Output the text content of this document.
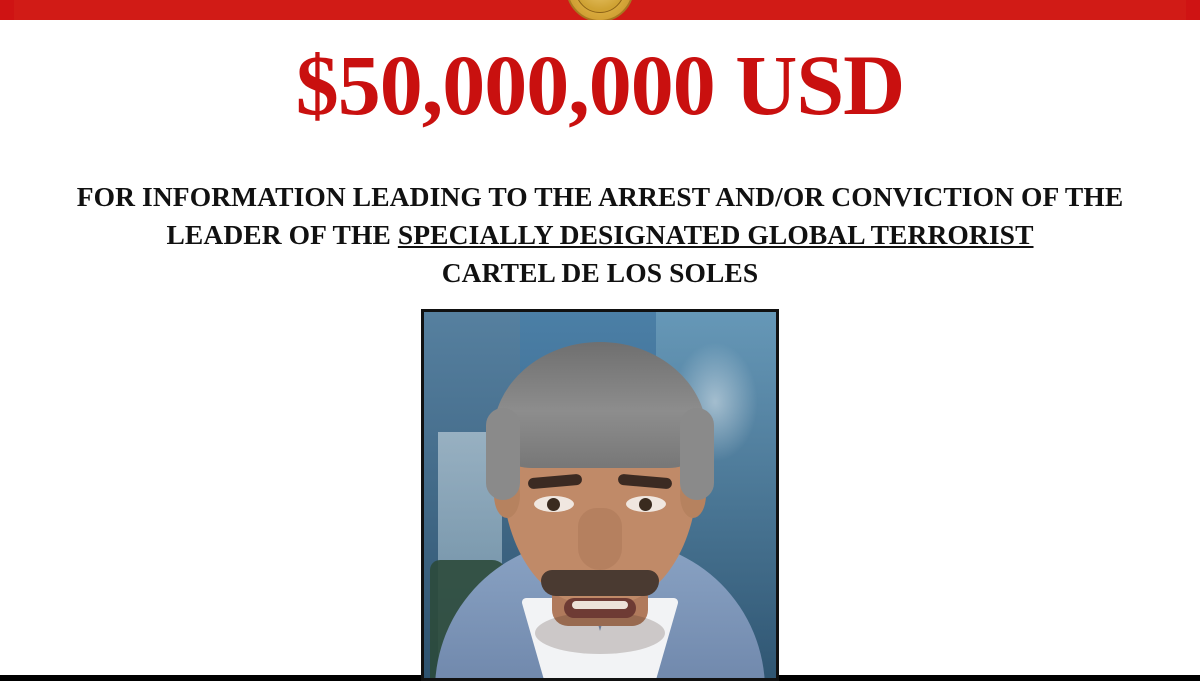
$50,000,000 USD
FOR INFORMATION LEADING TO THE ARREST AND/OR CONVICTION OF THE
LEADER OF THE SPECIALLY DESIGNATED GLOBAL TERRORIST
CARTEL DE LOS SOLES
